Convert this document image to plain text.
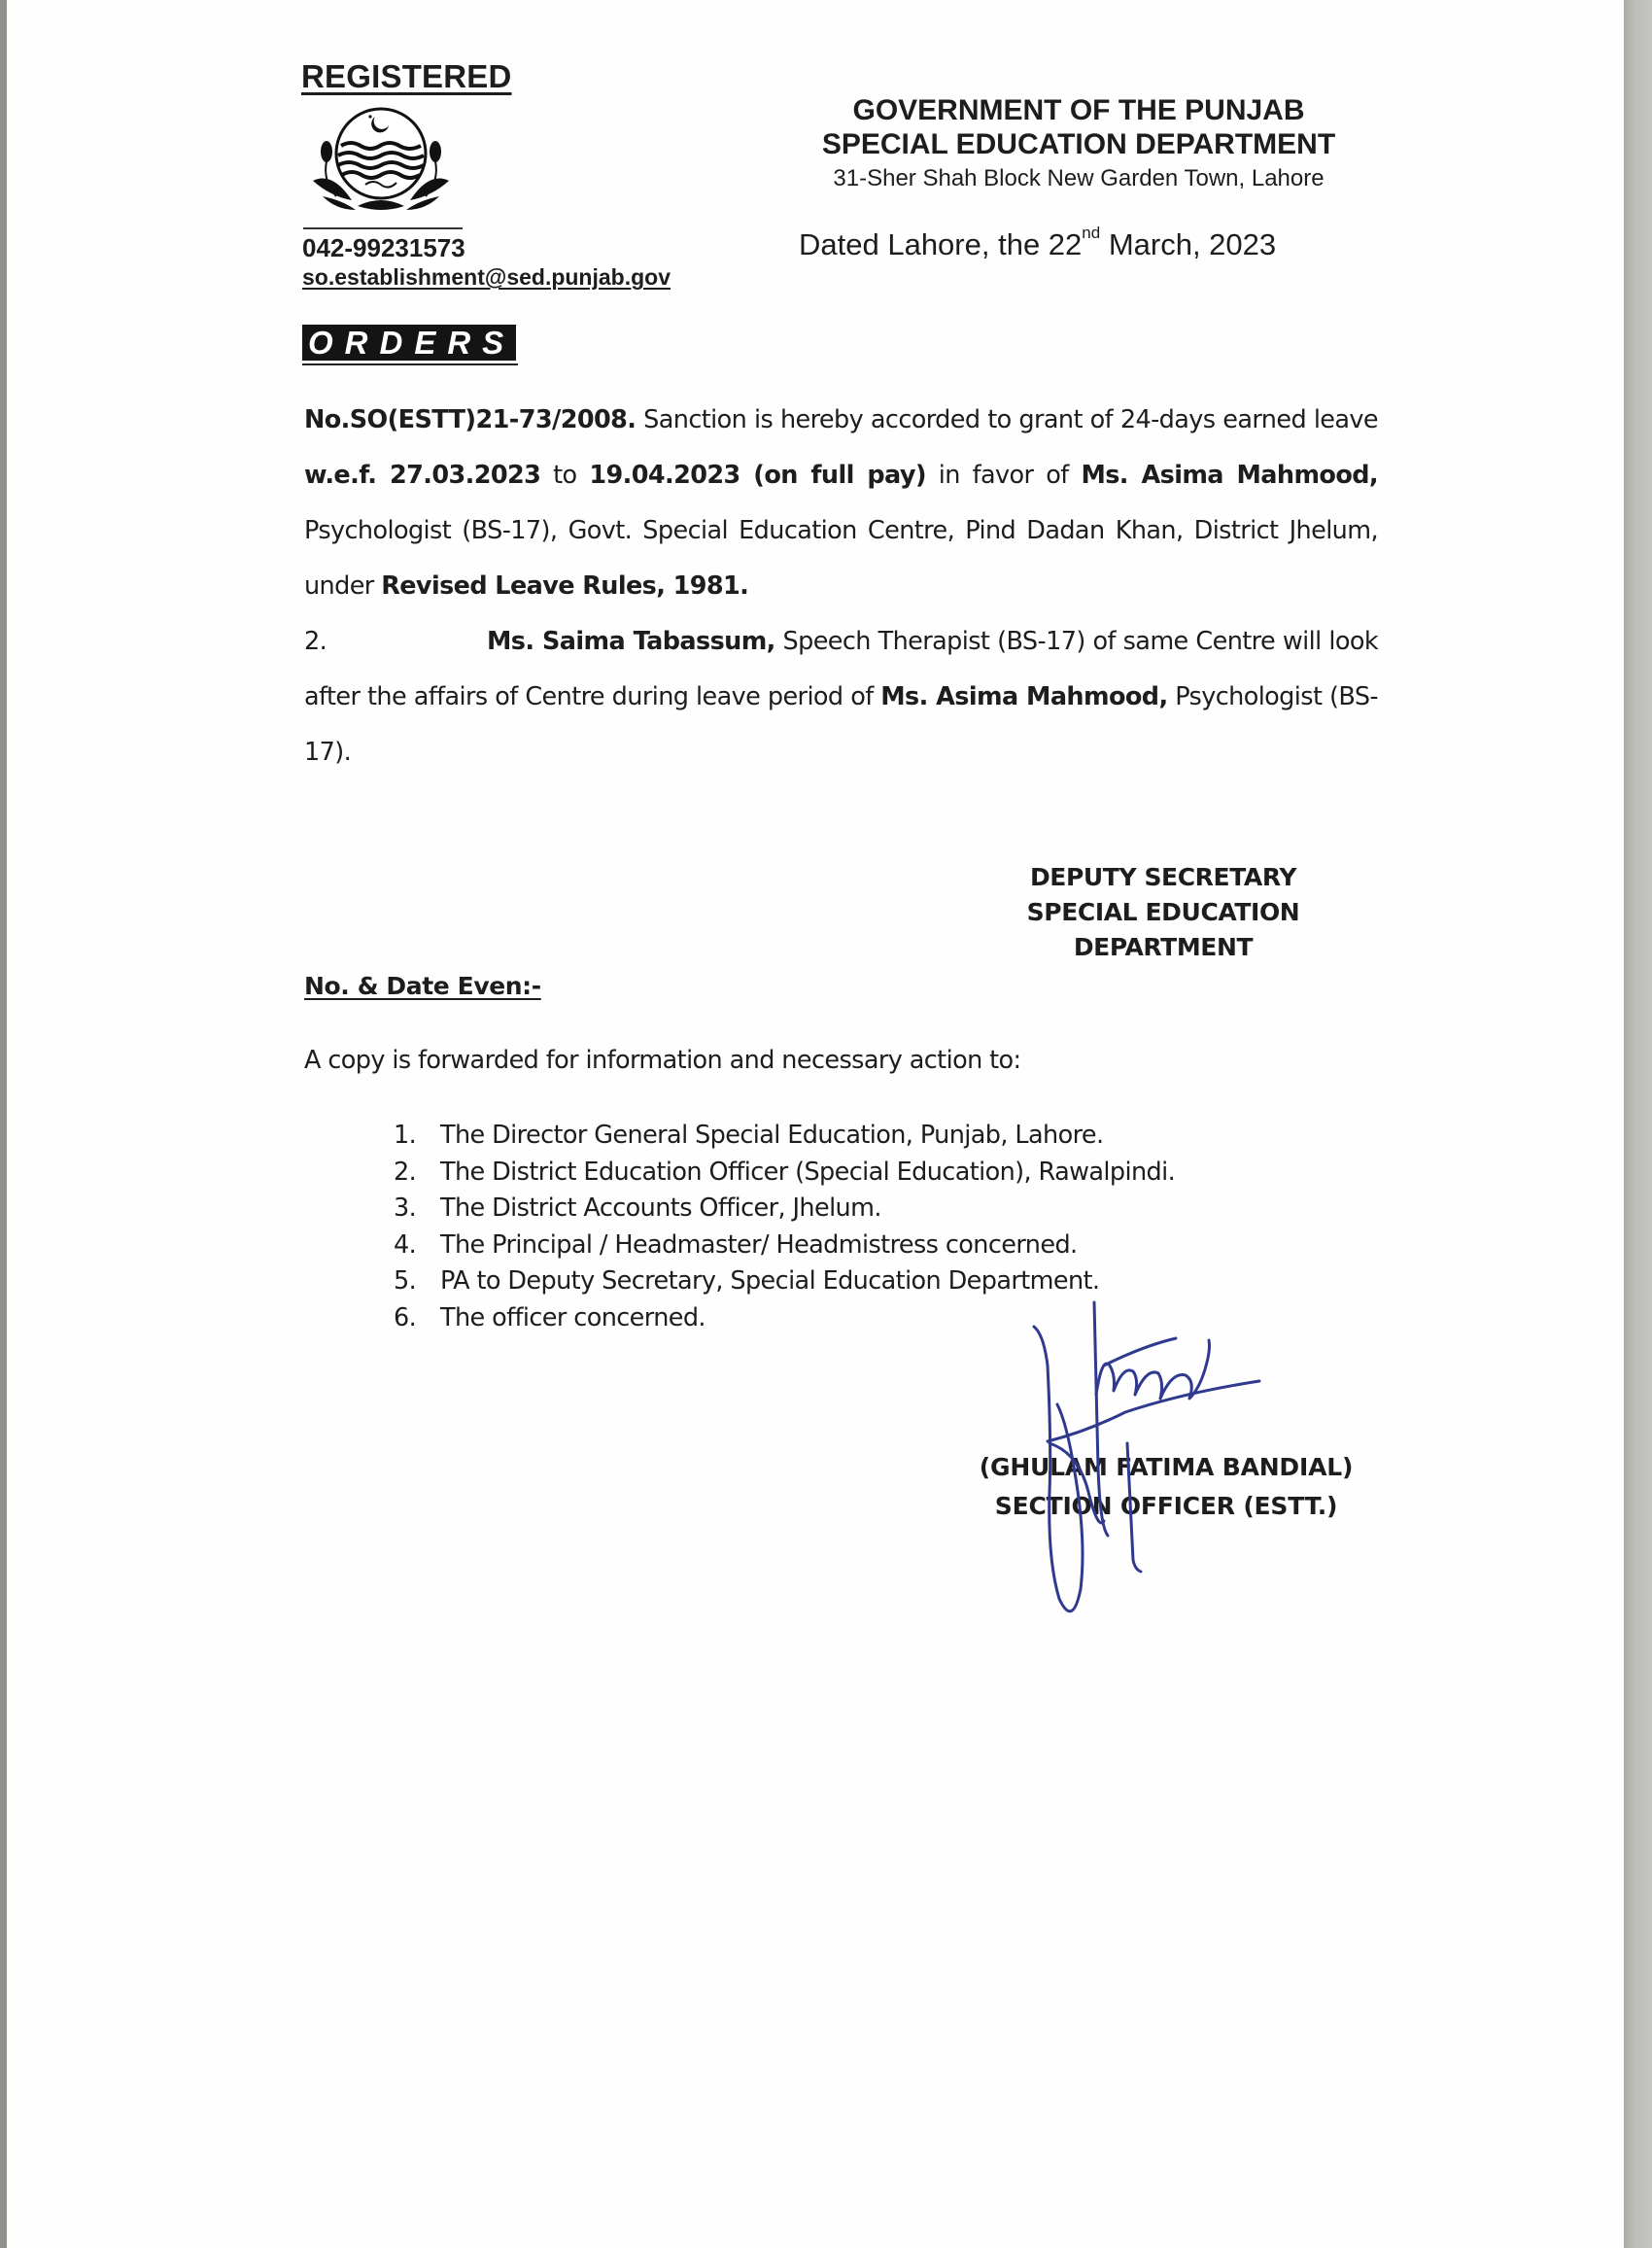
REGISTERED
042-99231573
so.establishment@sed.punjab.gov
GOVERNMENT OF THE PUNJAB
SPECIAL EDUCATION DEPARTMENT
31-Sher Shah Block New Garden Town, Lahore
Dated Lahore, the 22nd March, 2023
ORDERS
No.SO(ESTT)21-73/2008. Sanction is hereby accorded to grant of 24-days earned leave w.e.f. 27.03.2023 to 19.04.2023 (on full pay) in favor of Ms. Asima Mahmood, Psychologist (BS-17), Govt. Special Education Centre, Pind Dadan Khan, District Jhelum, under Revised Leave Rules, 1981.
2.	Ms. Saima Tabassum, Speech Therapist (BS-17) of same Centre will look after the affairs of Centre during leave period of Ms. Asima Mahmood, Psychologist (BS-17).
DEPUTY SECRETARY
SPECIAL EDUCATION
DEPARTMENT
No. & Date Even:-
A copy is forwarded for information and necessary action to:
1. The Director General Special Education, Punjab, Lahore.
2. The District Education Officer (Special Education), Rawalpindi.
3. The District Accounts Officer, Jhelum.
4. The Principal / Headmaster/ Headmistress concerned.
5. PA to Deputy Secretary, Special Education Department.
6. The officer concerned.
(GHULAM FATIMA BANDIAL)
SECTION OFFICER (ESTT.)
